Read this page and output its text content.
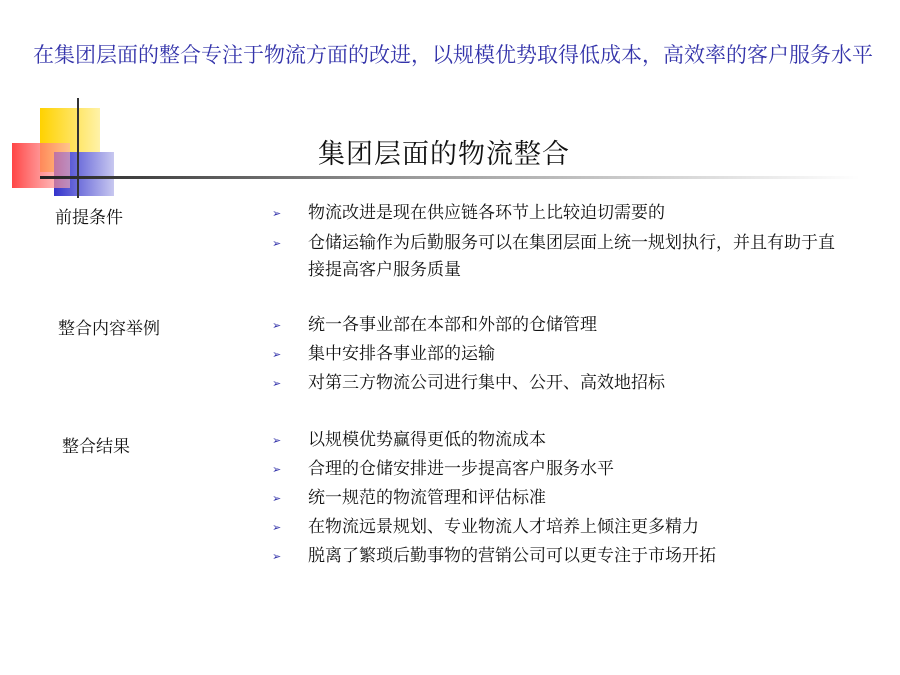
在集团层面的整合专注于物流方面的改进，以规模优势取得低成本，高效率的客户服务水平
集团层面的物流整合
前提条件 ➢	物流改进是现在供应链各环节上比较迫切需要的
➢
仓储运输作为后勤服务可以在集团层面上统一规划执行，并且有助于直接提高客户服务质量
整合内容举例 ➢	统一各事业部在本部和外部的仓储管理
➢
集中安排各事业部的运输
➢
对第三方物流公司进行集中、公开、高效地招标
整合结果 ➢	以规模优势赢得更低的物流成本
➢
合理的仓储安排进一步提高客户服务水平
➢
统一规范的物流管理和评估标准
➢
在物流远景规划、专业物流人才培养上倾注更多精力
➢
脱离了繁琐后勤事物的营销公司可以更专注于市场开拓
